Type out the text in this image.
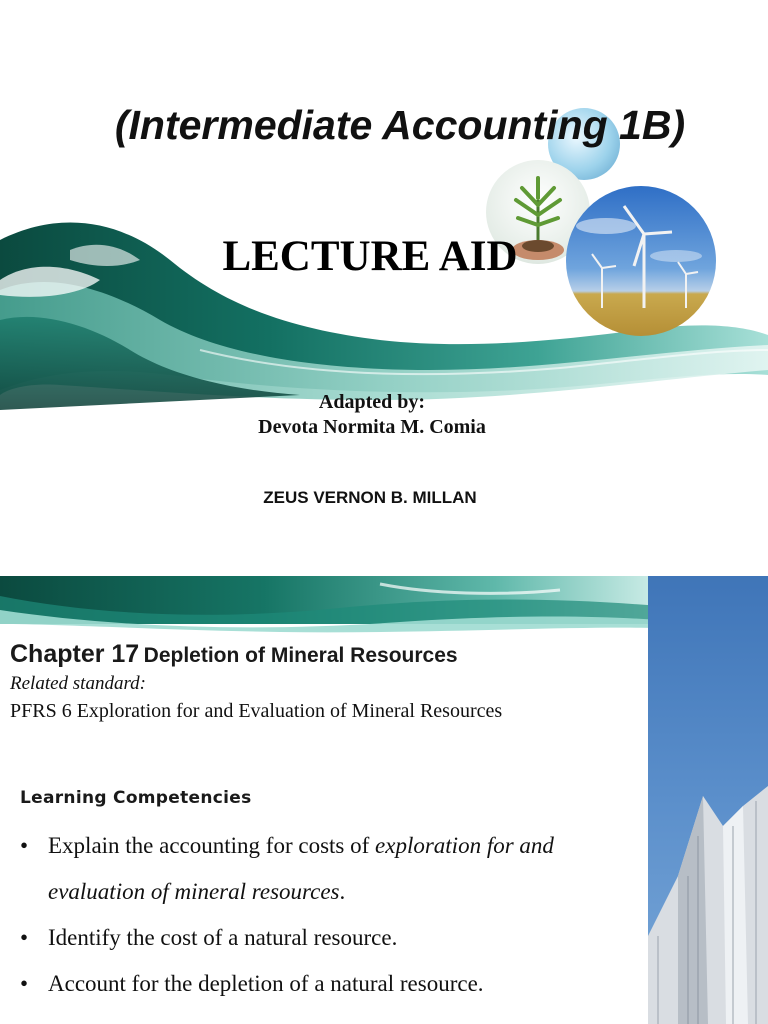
(Intermediate Accounting 1B)
LECTURE AID
Adapted by:
Devota Normita M. Comia
ZEUS VERNON B. MILLAN
Chapter 17 Depletion of Mineral Resources
Related standard:
PFRS 6 Exploration for and Evaluation of Mineral Resources
Learning Competencies
• Explain the accounting for costs of exploration for and evaluation of mineral resources.
• Identify the cost of a natural resource.
• Account for the depletion of a natural resource.
